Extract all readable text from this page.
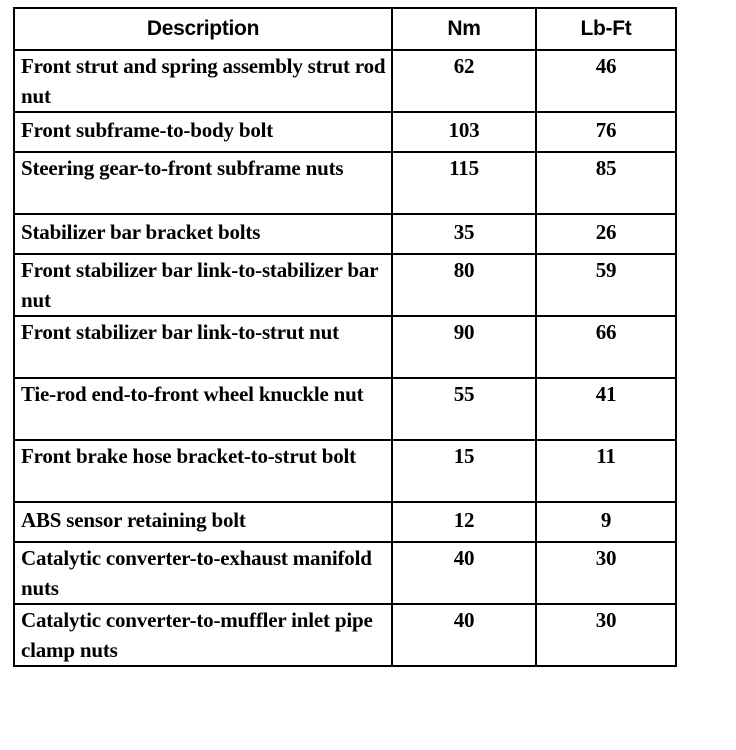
Description	Nm	Lb-Ft
Front strut and spring assembly strut rod nut	62	46
Front subframe-to-body bolt	103	76
Steering gear-to-front subframe nuts	115	85
Stabilizer bar bracket bolts	35	26
Front stabilizer bar link-to-stabilizer bar nut	80	59
Front stabilizer bar link-to-strut nut	90	66
Tie-rod end-to-front wheel knuckle nut	55	41
Front brake hose bracket-to-strut bolt	15	11
ABS sensor retaining bolt	12	9
Catalytic converter-to-exhaust manifold nuts	40	30
Catalytic converter-to-muffler inlet pipe clamp nuts	40	30
